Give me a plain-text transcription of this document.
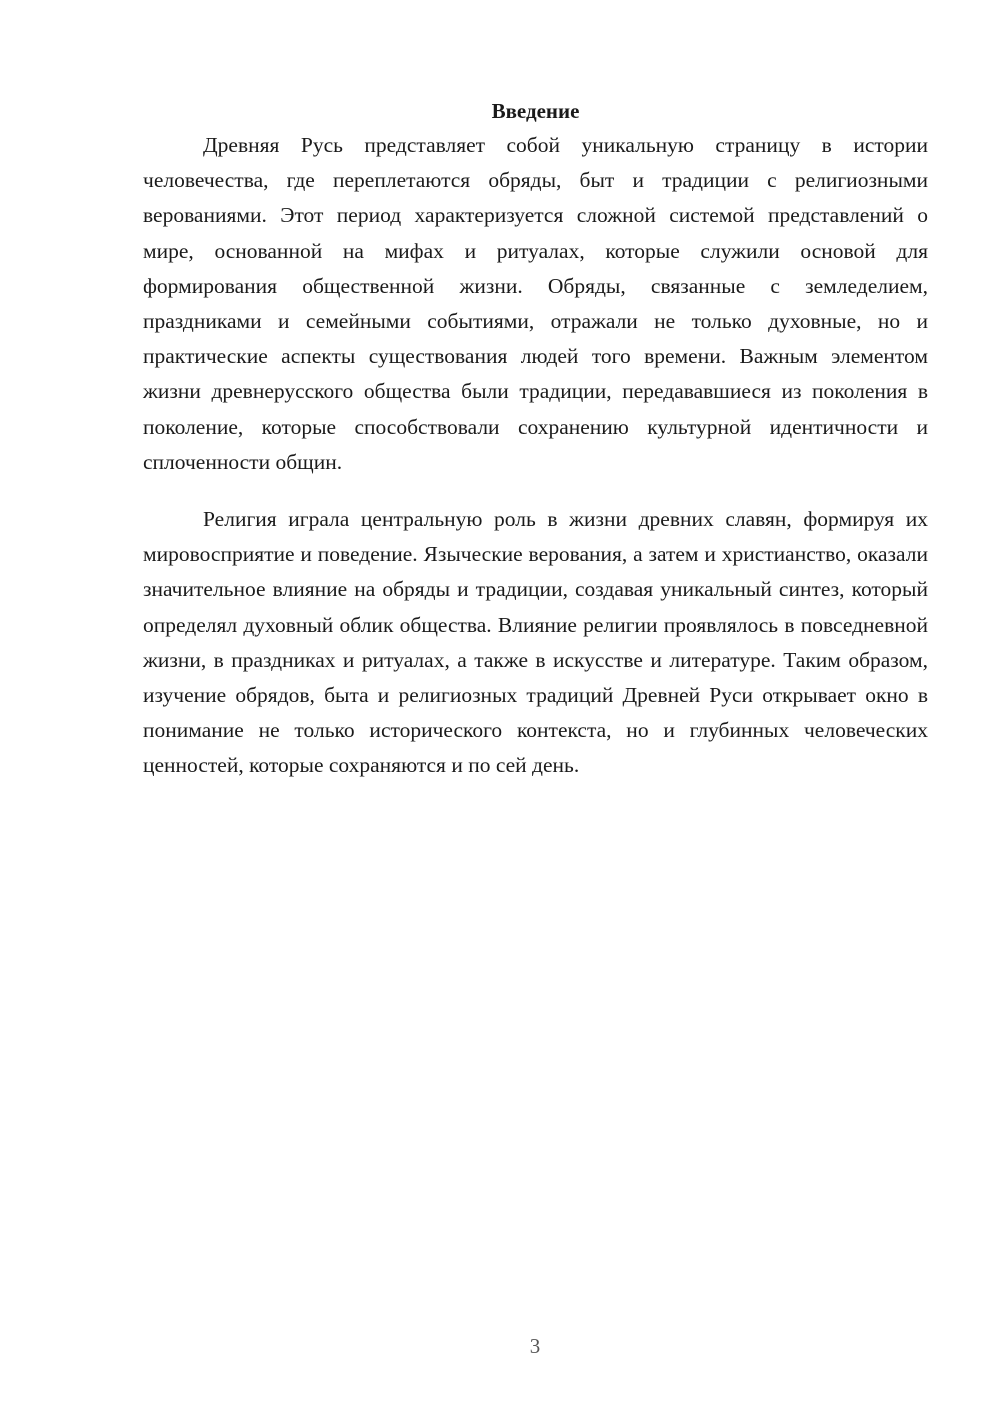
Введение

Древняя Русь представляет собой уникальную страницу в истории человечества, где переплетаются обряды, быт и традиции с религиозными верованиями. Этот период характеризуется сложной системой представлений о мире, основанной на мифах и ритуалах, которые служили основой для формирования общественной жизни. Обряды, связанные с земледелием, праздниками и семейными событиями, отражали не только духовные, но и практические аспекты существования людей того времени. Важным элементом жизни древнерусского общества были традиции, передававшиеся из поколения в поколение, которые способствовали сохранению культурной идентичности и сплоченности общин.

Религия играла центральную роль в жизни древних славян, формируя их мировосприятие и поведение. Языческие верования, а затем и христианство, оказали значительное влияние на обряды и традиции, создавая уникальный синтез, который определял духовный облик общества. Влияние религии проявлялось в повседневной жизни, в праздниках и ритуалах, а также в искусстве и литературе. Таким образом, изучение обрядов, быта и религиозных традиций Древней Руси открывает окно в понимание не только исторического контекста, но и глубинных человеческих ценностей, которые сохраняются и по сей день.

3
